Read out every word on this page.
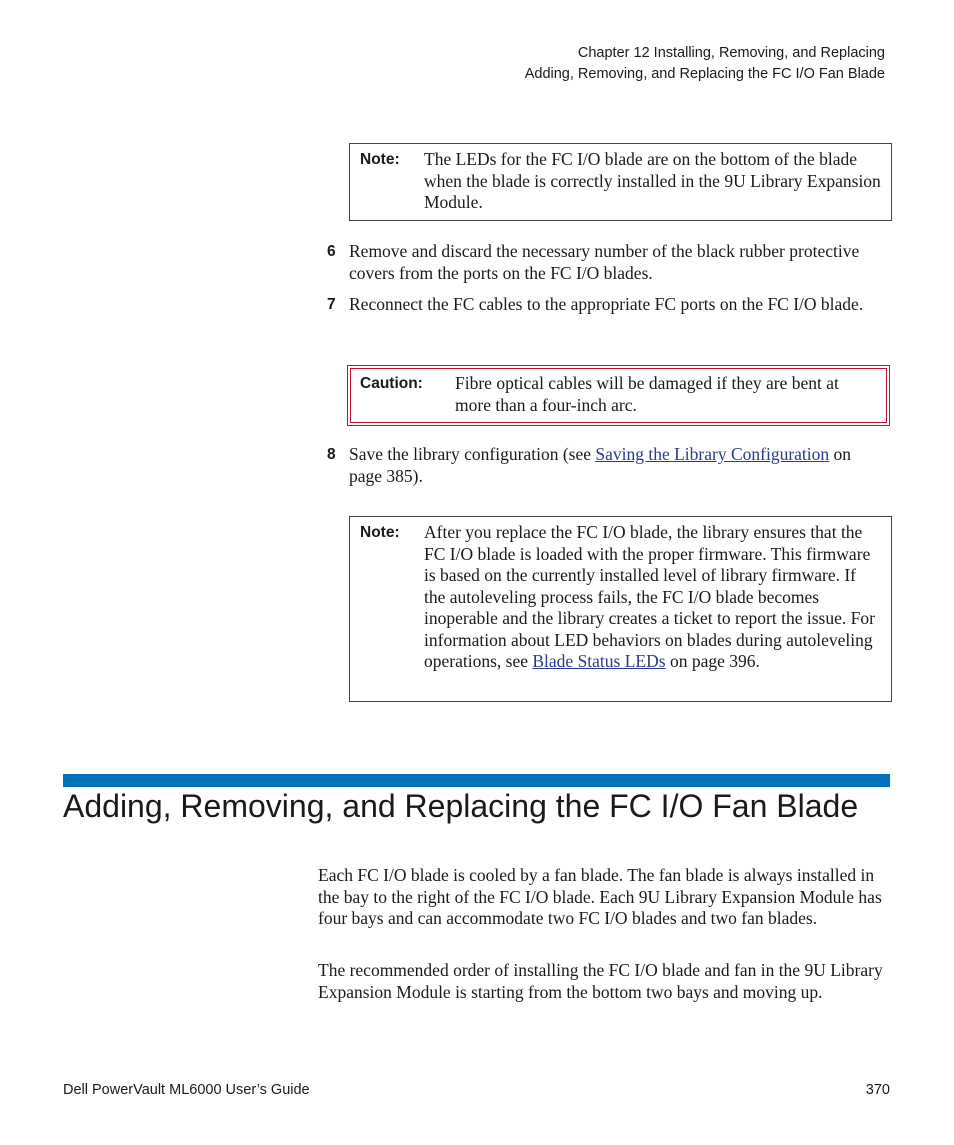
Chapter 12 Installing, Removing, and Replacing
Adding, Removing, and Replacing the FC I/O Fan Blade
Note:	The LEDs for the FC I/O blade are on the bottom of the blade when the blade is correctly installed in the 9U Library Expansion Module.
6 Remove and discard the necessary number of the black rubber protective covers from the ports on the FC I/O blades.
7 Reconnect the FC cables to the appropriate FC ports on the FC I/O blade.
Caution:	Fibre optical cables will be damaged if they are bent at more than a four-inch arc.
8 Save the library configuration (see Saving the Library Configuration on page 385).
Note:	After you replace the FC I/O blade, the library ensures that the FC I/O blade is loaded with the proper firmware. This firmware is based on the currently installed level of library firmware. If the autoleveling process fails, the FC I/O blade becomes inoperable and the library creates a ticket to report the issue. For information about LED behaviors on blades during autoleveling operations, see Blade Status LEDs on page 396.
Adding, Removing, and Replacing the FC I/O Fan Blade
Each FC I/O blade is cooled by a fan blade. The fan blade is always installed in the bay to the right of the FC I/O blade. Each 9U Library Expansion Module has four bays and can accommodate two FC I/O blades and two fan blades.
The recommended order of installing the FC I/O blade and fan in the 9U Library Expansion Module is starting from the bottom two bays and moving up.
Dell PowerVault ML6000 User’s Guide	370
